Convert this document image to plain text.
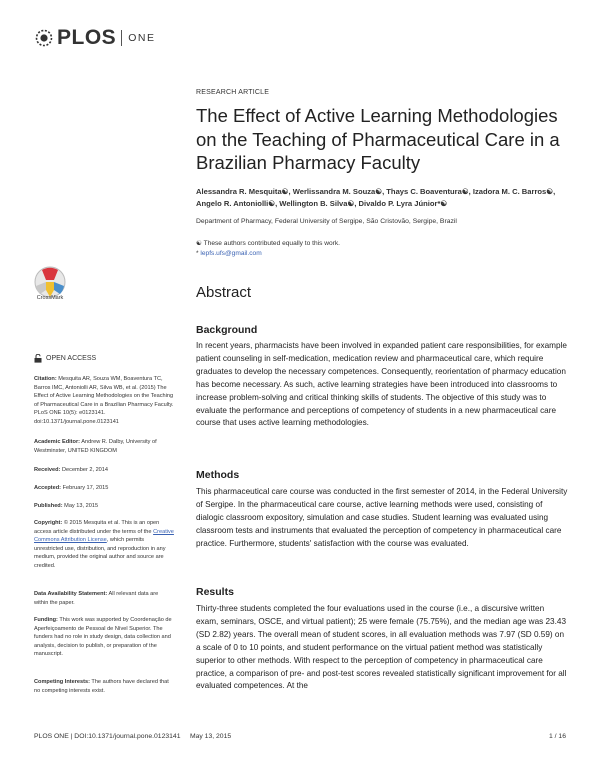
PLOS ONE
CrossMark
OPEN ACCESS
Citation: Mesquita AR, Souza WM, Boaventura TC, Barros IMC, Antoniolli AR, Silva WB, et al. (2015) The Effect of Active Learning Methodologies on the Teaching of Pharmaceutical Care in a Brazilian Pharmacy Faculty. PLoS ONE 10(5): e0123141. doi:10.1371/journal.pone.0123141
Academic Editor: Andrew R. Dalby, University of Westminster, UNITED KINGDOM
Received: December 2, 2014
Accepted: February 17, 2015
Published: May 13, 2015
Copyright: © 2015 Mesquita et al. This is an open access article distributed under the terms of the Creative Commons Attribution License, which permits unrestricted use, distribution, and reproduction in any medium, provided the original author and source are credited.
Data Availability Statement: All relevant data are within the paper.
Funding: This work was supported by Coordenação de Aperfeiçoamento de Pessoal de Nível Superior. The funders had no role in study design, data collection and analysis, decision to publish, or preparation of the manuscript.
Competing Interests: The authors have declared that no competing interests exist.
RESEARCH ARTICLE
The Effect of Active Learning Methodologies on the Teaching of Pharmaceutical Care in a Brazilian Pharmacy Faculty
Alessandra R. Mesquita☯, Werlissandra M. Souza☯, Thays C. Boaventura☯, Izadora M. C. Barros☯, Angelo R. Antoniolli☯, Wellington B. Silva☯, Divaldo P. Lyra Júnior*☯
Department of Pharmacy, Federal University of Sergipe, São Cristovão, Sergipe, Brazil
☯ These authors contributed equally to this work.
* lepfs.ufs@gmail.com
Abstract
Background

In recent years, pharmacists have been involved in expanded patient care responsibilities, for example patient counseling in self-medication, medication review and pharmaceutical care, which require graduates to develop the necessary competences. Consequently, reorientation of pharmacy education has become necessary. As such, active learning strategies have been introduced into classrooms to increase problem-solving and critical thinking skills of students. The objective of this study was to evaluate the performance and perceptions of competency of students in a new pharmaceutical care course that uses active learning methodologies.

Methods

This pharmaceutical care course was conducted in the first semester of 2014, in the Federal University of Sergipe. In the pharmaceutical care course, active learning methods were used, consisting of dialogic classroom expository, simulation and case studies. Student learning was evaluated using classroom tests and instruments that evaluated the perception of competency in pharmaceutical care practice. Furthermore, students' satisfaction with the course was evaluated.

Results

Thirty-three students completed the four evaluations used in the course (i.e., a discursive written exam, seminars, OSCE, and virtual patient); 25 were female (75.75%), and the median age was 23.43 (SD 2.82) years. The overall mean of student scores, in all evaluation methods was 7.97 (SD 0.59) on a scale of 0 to 10 points, and student performance on the virtual patient method was statistically superior to other methods. With respect to the perception of competency in pharmaceutical care practice, a comparison of pre- and post-test scores revealed statistically significant improvement for all evaluated competences. At the

PLOS ONE | DOI:10.1371/journal.pone.0123141 May 13, 2015	1 / 16
